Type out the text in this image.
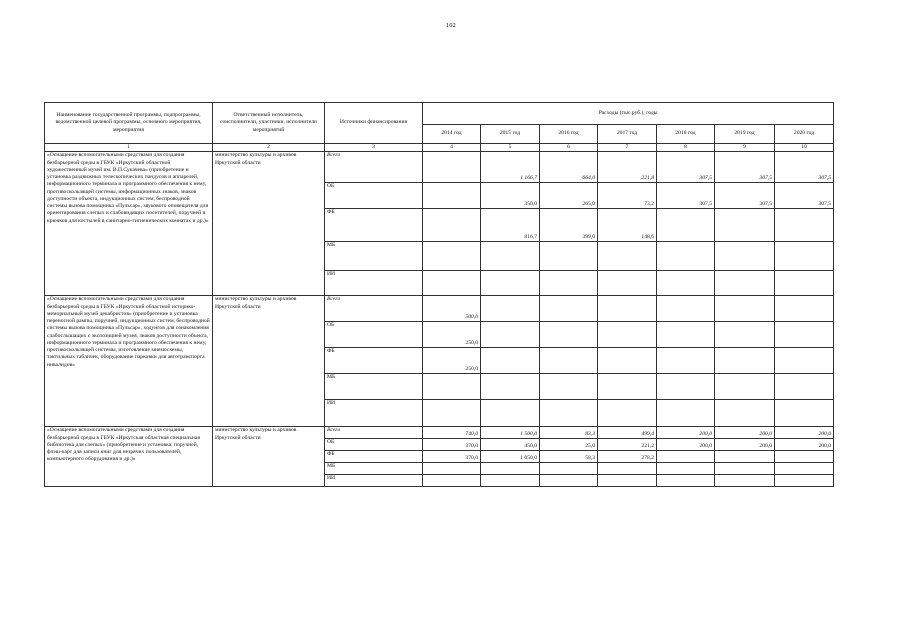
102
Наименование государственной программы, подпрограммы, ведомственной целевой программы, основного мероприятия, мероприятия	Ответственный исполнитель, соисполнители, участники, исполнители мероприятий	Источники финансирования	Расходы (тыс.руб.), годы						
			2014 год	2015 год	2016 год	2017 год	2018 год	2019 год	2020 год
1	2	3	4	5	6	7	8	9	10
«Оснащение вспомогательными средствами для создания безбарьерной среды в ГБУК «Иркутский областной художественный музей им. В.П.Сукачева» (приобретение и установка раздвижных телескопических пандусов и аппарелей, информационного терминала и программного обеспечения к нему, противоскользящей системы, информационных знаков, знаков доступности объекта, индукционных систем, беспроводной системы вызова помощника «Пульсар», звукового оповещателя для ориентирования слепых и слабовидящих посетителей, поручней и крючков для костылей в санитарно-гигиенических комнатах и др.)»	министерство культуры и архивов Иркутской области	Всего		1 166,7	664,0	221,8	307,5	307,5	307,5
		ОБ		350,0	265,0	73,2	307,5	307,5	307,5
		ФБ		816,7	399,0	148,6			
		МБ							
		ИИ							
«Оснащение вспомогательными средствами для создания безбарьерной среды в ГБУК «Иркутский областной историко-мемориальный музей декабристов» (приобретение и установка переносной рампы, поручней, индукционных систем, беспроводной системы вызова помощника «Пульсар», ходунгов для ознакомления слабослышащих с экспозицией музея, знаков доступности объекта, информационного терминала и программного обеспечения к нему, противоскользящей системы, изготовление мнемосхемы, тактильных табличек, оборудование парковки для автотранспорта инвалидов»	министерство культуры и архивов Иркутской области	Всего	500,0						
		ОБ	250,0						
		ФБ	250,0						
		МБ							
		ИИ							
«Оснащение вспомогательными средствами для создания безбарьерной среды в ГБУК «Иркутская областная специальная библиотека для слепых» (приобретение и установка: поручней, флэш-карт для записи книг для незрячих пользователей, компьютерного оборудования и др.)»	министерство культуры и архивов Иркутской области	Всего	740,0	1 500,0	83,3	499,4	200,0	200,0	200,0
		ОБ	370,0	450,0	25,0	221,2	200,0	200,0	200,0
		ФБ	370,0	1 050,0	58,3	278,2			
		МБ							
		ИИ							
